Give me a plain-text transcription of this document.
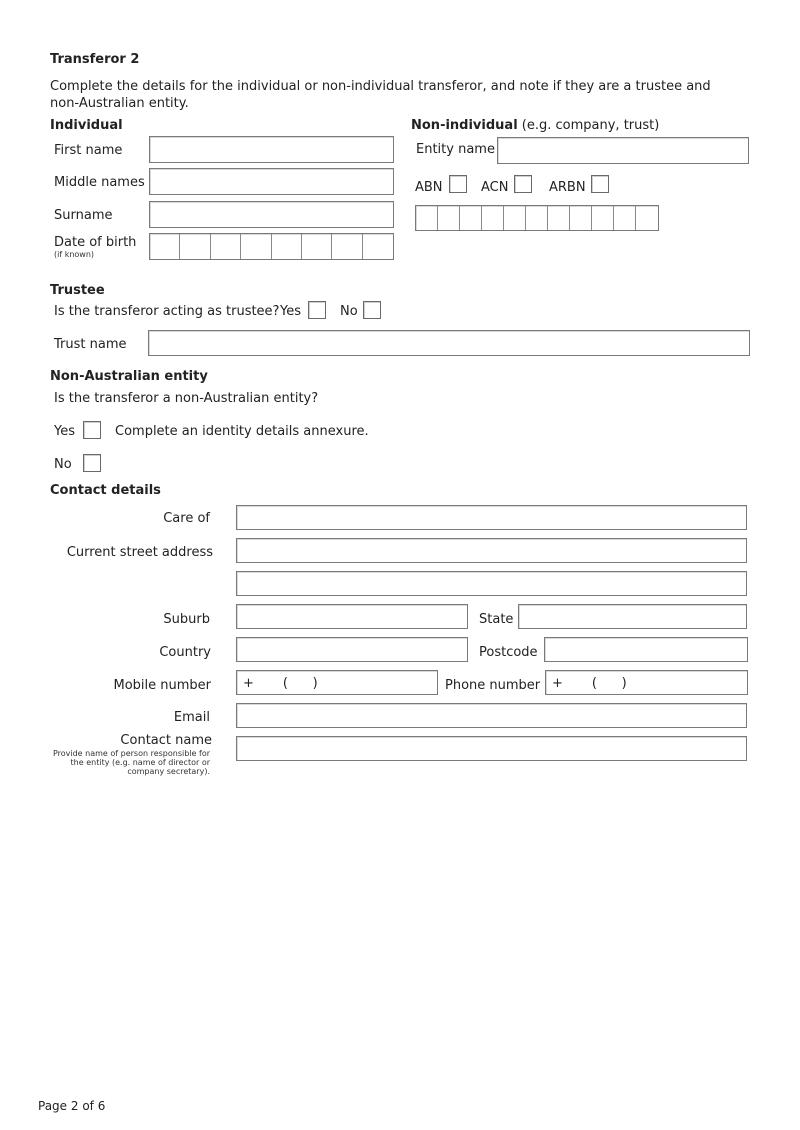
Transferor 2
Complete the details for the individual or non-individual transferor, and note if they are a trustee and non-Australian entity.
Individual
First name
Middle names
Surname
Date of birth
(if known)
Non-individual (e.g. company, trust)
Entity name
ABN	ACN	ARBN
Trustee
Is the transferor acting as trustee? Yes	No
Trust name
Non-Australian entity
Is the transferor a non-Australian entity?
Yes	Complete an identity details annexure.
No
Contact details
Care of
Current street address
Suburb	State
Country	Postcode
Mobile number +       (      )	Phone number +       (      )
Email
Contact name
Provide name of person responsible for the entity (e.g. name of director or company secretary).
Page 2 of 6
